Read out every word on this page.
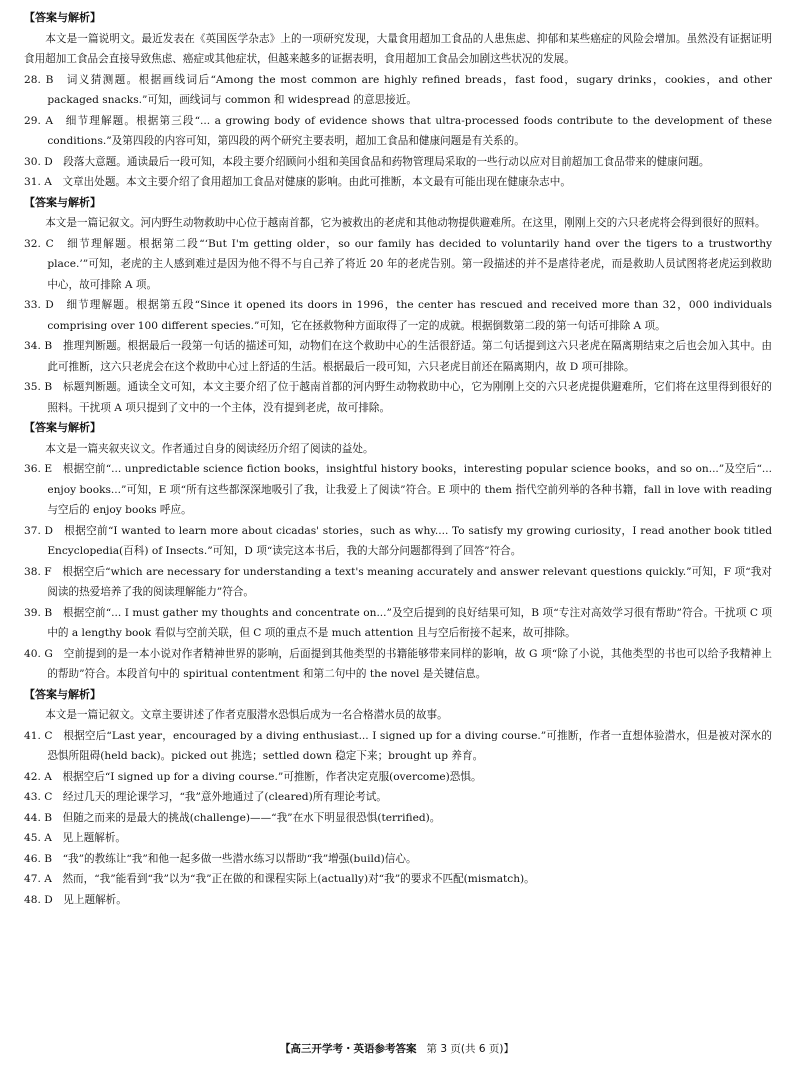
【答案与解析】
本文是一篇说明文。最近发表在《英国医学杂志》上的一项研究发现，大量食用超加工食品的人患焦虑、抑郁和某些癌症的风险会增加。虽然没有证据证明食用超加工食品会直接导致焦虑、癌症或其他症状，但越来越多的证据表明，食用超加工食品会加剧这些状况的发展。
28. B　词义猜测题。根据画线词后“Among the most common are highly refined breads，fast food，sugary drinks，cookies，and other packaged snacks.”可知，画线词与 common 和 widespread 的意思接近。
29. A　细节理解题。根据第三段“... a growing body of evidence shows that ultra-processed foods contribute to the development of these conditions.”及第四段的内容可知，第四段的两个研究主要表明，超加工食品和健康问题是有关系的。
30. D　段落大意题。通读最后一段可知，本段主要介绍顾问小组和美国食品和药物管理局采取的一些行动以应对目前超加工食品带来的健康问题。
31. A　文章出处题。本文主要介绍了食用超加工食品对健康的影响。由此可推断，本文最有可能出现在健康杂志中。
【答案与解析】
本文是一篇记叙文。河内野生动物救助中心位于越南首都，它为被救出的老虎和其他动物提供避难所。在这里，刚刚上交的六只老虎将会得到很好的照料。
32. C　细节理解题。根据第二段“‘But I'm getting older，so our family has decided to voluntarily hand over the tigers to a trustworthy place.’”可知，老虎的主人感到难过是因为他不得不与自己养了将近 20 年的老虎告别。第一段描述的并不是虐待老虎，而是救助人员试图将老虎运到救助中心，故可排除 A 项。
33. D　细节理解题。根据第五段“Since it opened its doors in 1996，the center has rescued and received more than 32，000 individuals comprising over 100 different species.”可知，它在拯救物种方面取得了一定的成就。根据倒数第二段的第一句话可排除 A 项。
34. B　推理判断题。根据最后一段第一句话的描述可知，动物们在这个救助中心的生活很舒适。第二句话提到这六只老虎在隔离期结束之后也会加入其中。由此可推断，这六只老虎会在这个救助中心过上舒适的生活。根据最后一段可知，六只老虎目前还在隔离期内，故 D 项可排除。
35. B　标题判断题。通读全文可知，本文主要介绍了位于越南首都的河内野生动物救助中心，它为刚刚上交的六只老虎提供避难所，它们将在这里得到很好的照料。干扰项 A 项只提到了文中的一个主体，没有提到老虎，故可排除。
【答案与解析】
本文是一篇夹叙夹议文。作者通过自身的阅读经历介绍了阅读的益处。
36. E　根据空前“... unpredictable science fiction books，insightful history books，interesting popular science books，and so on...”及空后“... enjoy books...”可知，E 项“所有这些都深深地吸引了我，让我爱上了阅读”符合。E 项中的 them 指代空前列举的各种书籍，fall in love with reading 与空后的 enjoy books 呼应。
37. D　根据空前“I wanted to learn more about cicadas' stories，such as why.... To satisfy my growing curiosity，I read another book titled Encyclopedia(百科) of Insects.”可知，D 项“读完这本书后，我的大部分问题都得到了回答”符合。
38. F　根据空后“which are necessary for understanding a text's meaning accurately and answer relevant questions quickly.”可知，F 项“我对阅读的热爱培养了我的阅读理解能力”符合。
39. B　根据空前“... I must gather my thoughts and concentrate on...”及空后提到的良好结果可知，B 项“专注对高效学习很有帮助”符合。干扰项 C 项中的 a lengthy book 看似与空前关联，但 C 项的重点不是 much attention 且与空后衔接不起来，故可排除。
40. G　空前提到的是一本小说对作者精神世界的影响，后面提到其他类型的书籍能够带来同样的影响，故 G 项“除了小说，其他类型的书也可以给予我精神上的帮助”符合。本段首句中的 spiritual contentment 和第二句中的 the novel 是关键信息。
【答案与解析】
本文是一篇记叙文。文章主要讲述了作者克服潜水恐惧后成为一名合格潜水员的故事。
41. C　根据空后“Last year，encouraged by a diving enthusiast... I signed up for a diving course.”可推断，作者一直想体验潜水，但是被对深水的恐惧所阻碍(held back)。picked out 挑选；settled down 稳定下来；brought up 养育。
42. A　根据空后“I signed up for a diving course.”可推断，作者决定克服(overcome)恐惧。
43. C　经过几天的理论课学习，“我”意外地通过了(cleared)所有理论考试。
44. B　但随之而来的是最大的挑战(challenge)——“我”在水下明显很恐惧(terrified)。
45. A　见上题解析。
46. B　“我”的教练让“我”和他一起多做一些潜水练习以帮助“我”增强(build)信心。
47. A　然而，“我”能看到“我”以为“我”正在做的和课程实际上(actually)对“我”的要求不匹配(mismatch)。
48. D　见上题解析。
【高三开学考・英语参考答案 第 3 页(共 6 页)】
